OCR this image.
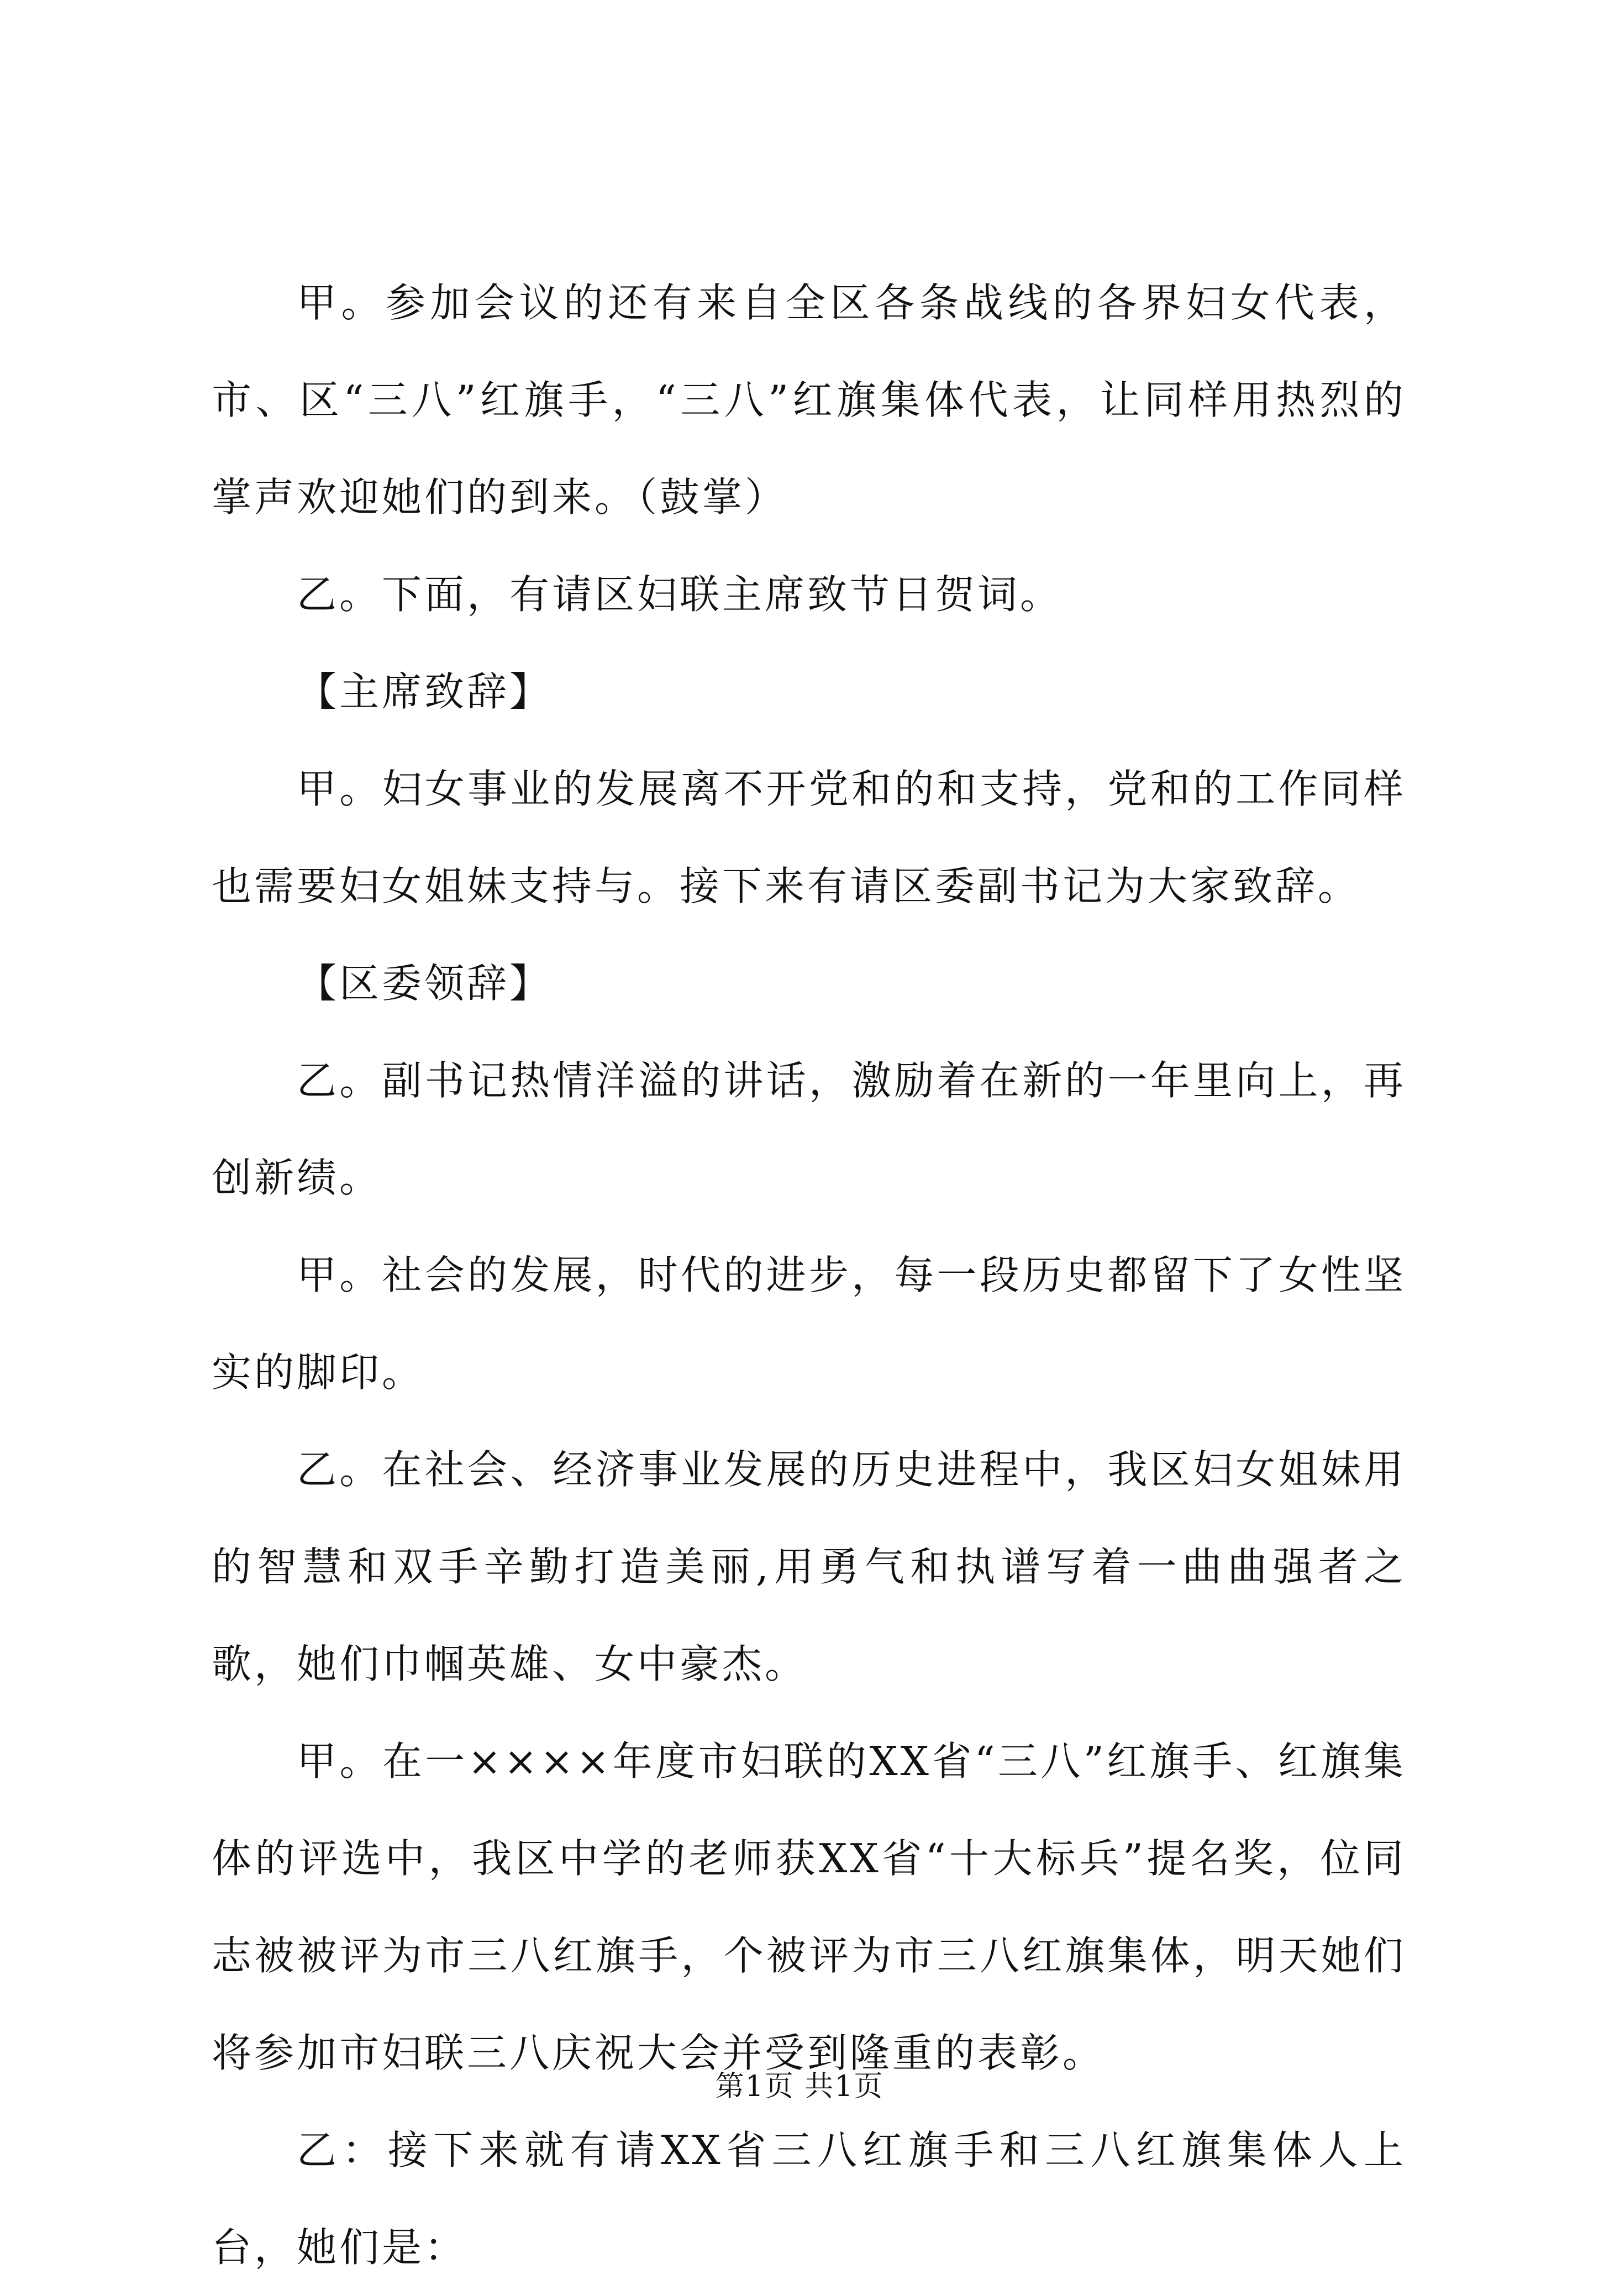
甲。参加会议的还有来自全区各条战线的各界妇女代表，市、区“三八”红旗手，“三八”红旗集体代表，让同样用热烈的掌声欢迎她们的到来。（鼓掌）

乙。下面，有请区妇联主席致节日贺词。

【主席致辞】

甲。妇女事业的发展离不开党和的和支持，党和的工作同样也需要妇女姐妹支持与。接下来有请区委副书记为大家致辞。

【区委领辞】

乙。副书记热情洋溢的讲话，激励着在新的一年里向上，再创新绩。

甲。社会的发展，时代的进步，每一段历史都留下了女性坚实的脚印。

乙。在社会、经济事业发展的历史进程中，我区妇女姐妹用的智慧和双手辛勤打造美丽,用勇气和执谱写着一曲曲强者之歌，她们巾帼英雄、女中豪杰。

甲。在一××××年度市妇联的XX省“三八”红旗手、红旗集体的评选中，我区中学的老师获XX省“十大标兵”提名奖，位同志被被评为市三八红旗手，个被评为市三八红旗集体，明天她们将参加市妇联三八庆祝大会并受到隆重的表彰。

乙：接下来就有请XX省三八红旗手和三八红旗集体人上台，她们是：

第1页 共1页
